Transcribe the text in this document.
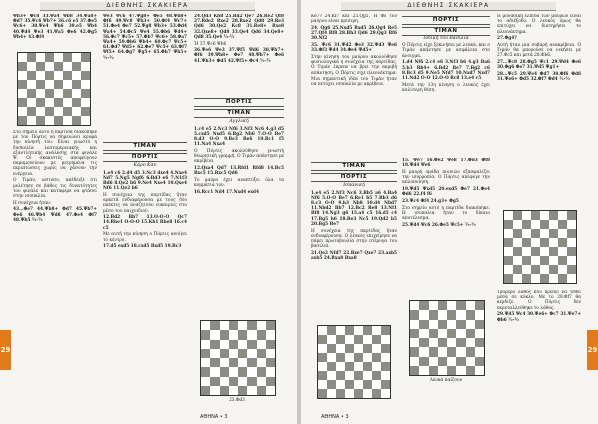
ΔΙΕΘΝΗΣ ΣΚΑΚΙΕΡΑ
29

Ψb3+ Φc8 33.Ψa4 Ψb8 34.Ψa8+ Φd7 35.Ψc6 Ψb7+ 36.c6 e5 37.Φe5 Ψc6+ 38.Ψe4 Ψb6 39.e5 Ψb4 40.Ψd4 Ψe3 41.Ψa5 Φe6 42.Φg5 Ψh4+ 43.Φf4

Στο σημείο αυτό η παρτίδα διακόπηκε με τον Πόρτις να σημειώνει κρυφά την κίνησή του. Είναι γνωστό η δυσκολία λεπτομερειακής και εξαντλητικής ανάλυσης στα φινάλε Ψ. Οι σκακιστές αποφεύγουν παραμονεύουν με μετρημένα τις περιπτώσεις χωρίς να χάσουν την ενέργεια.

Ο Τιμάν, ωστόσο, απέδειξε ότι μελέτησε σε βάθος τις δυνατότητες του φινάλε και κατάφερε να φτάσει στην ισοπαλία.

Η συνέχεια ήταν:

43...Φe7 44.Ψb8+ Φd7 45.Ψb7+ Φe6 46.Ψb4 Ψd8 47.Φe4 Φf7 48.Ψb5 ½-½

Ψe3 Ψc6 47.Ψg8+ Φe5 48.Ψb8+ Φf6 49.Ψc8 Ψb3+ 50.Φf4 Ψc7+ 51.Φe4 Φe7 52.Ψg8 Ψb3+ 53.Φd4 Ψa4+ 54.Φc5 Ψe4 55.Φb6 Ψd4+ 56.Φc7 Ψc5+ 57.Φb7 Ψc6+ 58.Φa7 Ψa4+ 59.Φb6 Ψb4+ 60.Φc7 Ψc5+ 61.Φd7 Ψd5+ 62.Φe7 Ψc5+ 63.Φf7 Ψf5+ 64.Φg7 Ψg5+ 65.Φh7 Ψh5+ ½-½

ΤΙΜΑΝ
ΠΟΡΤΙΣ
Κάρο Καν

1.e4 c6 2.d4 d5 3.Nc3 dxe4 4.Nxe4 Nd7 5.Ng5 Ngf6 6.Bd3 e6 7.N1f3 Bd6 8.Qe2 h6 9.Ne4 Nxe4 10.Qxe4 Nf6 11.Qe2 b6

Η συνέχεια της παρτίδας ήταν αρκετά ενδιαφέρουσα με τους δύο παίκτες να αναζητούν ευκαιρίες στο μέσο του παιχνιδιού.

12.Bd2 Bb7 13.O-O-O Qc7 14.Rhe1 O-O-O 15.Kb1 Rhe8 16.c4 c5

Με αυτή την κίνηση ο Πόρτις ανοίγει το κέντρο.

17.d5 exd5 18.cxd5 Bxd5 19.Bc3

24.Qd3 Kb8 25.Rd2 Qe7 26.Re2 Qf8 27.Rde2 Rxe2 28.Rxe2 Qd8 29.Re3 Qd6 30.Qe2 Kc8 31.Re8+ Rxe8 32.Qxe8+ Qd8 33.Qe4 Qd6 34.Qe8+ Qd8 35.Qe4 ½-½

Ή 37.Ψc6 Ψb6

36.Ψe6 Ψe3 37.Ψf5 Ψd6 38.Ψh7+ Φf6 39.Ψh8+ Φe7 40.Ψh7+ Φe6 41.Ψh3+ Φd5 42.Ψf5+ Φc4 ½-½

ΠΟΡΤΙΣ
ΤΙΜΑΝ
Αγγλική

1.c4 e5 2.Nc3 Nf6 3.Nf3 Nc6 4.g3 d5 5.cxd5 Nxd5 6.Bg2 Nb6 7.O-O Be7 8.d3 O-O 9.Be3 Be6 10.Rc1 f5 11.Na4 Nxa4

Ο Πόρτις ακολούθησε γνωστή θεωρητική γραμμή. Ο Τιμάν απάντησε με ακρίβεια.

12.Qxa4 Qd7 13.Rfd1 Rfd8 14.Bc5 Bxc5 15.Rxc5 Qd6

Το μαύρο έχει αναπτύξει όλα τα κομμάτια του.

16.Rcc1 Nd4 17.Nxd4 exd4

23.Φd3
ΑΘΗΝΑ • 3
ΔΙΕΘΝΗΣ ΣΚΑΚΙΕΡΑ
29

Ke7? 24.Kf7 και 25.Qg5, Ή Φε τον μαύρου είναι κρίσιμη.

24. Qg6 25.Nxd5 Rxd5 26.Qg4 Re5 27.Qf4 Rf8 28.Bh3 Qd6 29.Qg3 Rf6 30.Nf2

35. Ψc6 31.Ψd2 Φe3 32.Ψd3 Ψe6 33.Φf3 Ψd4 34.Φe4 Ψd5+

Στην κίνηση του μαύρου ακολούθησε φυσιολογικά η συνέχεια της παρτίδας. Ο Τιμάν έπρεπε να βρει την ακριβή απάντηση. Ο Πόρτις είχε πλεονέκτημα.

Μια σημαντική ιδέα του Τιμάν ήταν να πετύχει ισοπαλία με ακρίβεια.

ΤΙΜΑΝ
ΠΟΡΤΙΣ
Ισπανική

1.e4 e5 2.Nf3 Nc6 3.Bb5 a6 4.Ba4 Nf6 5.O-O Be7 6.Re1 b5 7.Bb3 d6 8.c3 O-O 9.h3 Nb8 10.d4 Nbd7 11.Nbd2 Bb7 12.Bc2 Re8 13.Nf1 Bf8 14.Ng3 g6 15.a4 c5 16.d5 c4 17.Bg5 h6 18.Be3 Nc5 19.Qd2 h5 20.Bg5 Be7

Η συνέχεια της παρτίδας ήταν ενδιαφέρουσα. Ο λευκός επιχείρησε να πάρει πρωτοβουλία στην πτέρυγα του βασιλιά.

21.Qe2 Nfd7 22.Bxe7 Qxe7 23.axb5 axb5 24.Rxa8 Bxa8

ΠΟΡΤΙΣ
ΤΙΜΑΝ
Ινδική του Βασιλιά

Ο Πόρτις είχε ξεκινήσει με λευκά, και ο Τιμάν απάντησε με ασφάλεια στο άνοιγμα.

1.d4 Nf6 2.c4 e6 3.Nf3 b6 4.g3 Ba6 5.b3 Bb4+ 6.Bd2 Be7 7.Bg2 c6 8.Bc3 d5 9.Ne5 Nfd7 10.Nxd7 Nxd7 11.Nd2 O-O 12.O-O Rc8 13.e4 c5

Μετά την 13η κίνηση ο λευκός έχει καλύτερη θέση.

15. Ψe7 16.Φe2 Ψe8 17.Φd3 Φf8 18.Ψd4 Ψe6

Η μαυρη ομάδα πιονιών εξασφαλίζει την ισορροπία. Ο Πόρτις απέφυγε την απλοποίηση.

19.Ψd5 Ψxd5 20.exd5 Φe7 21.Φe4 Φd6 22.f4 f6

23.Ψc4 Φf4 24.g3+ Φg5

Στο σημείο αυτό η παρτίδα διακόπηκε. Η ισοπαλία ήταν το δίκαιο αποτέλεσμα.

25.Ψd4 Ψc6 26.Φe5 Ψc5+ ½-½

Λευκά παίζουν

Η μοναδική ελπίδα των μαύρων είναι το αδιέξοδο. Ο λευκός όμως θα επιτύχει να διατηρήσει το πλεονέκτημα.

27.Φg4?

Αυτή ήταν μια σοβαρή ανακρίβεια. Ο Τιμάν θα μπορούσε να νικήσει με 27.Φc5 και μετά 28.Φb6.

27...Ψc8 28.Φg5 Ψc1 29.Ψd4 Φe6 30.Φg6 Φe7 31.Ψd5 Ψg1+

28...Ψc5 29.Ψe4 Φd7 30.Φf6 Φd6 31.Ψe6+ Φd5 32.Φf7 Φd4 ½-½

Τρομερό λάθος που πρέπει να τεθεί μέσα σε κύκλο. Με το 28.Φf7 θα κερδιζε. Ο Πόρτις δεν εκμεταλλεύθηκε το λάθος.

29.Ψd5 Ψc4 30.Ψe6+ Φc7 31.Ψe7+ Φb6 ½-½

ΑΘΗΝΑ • 3
